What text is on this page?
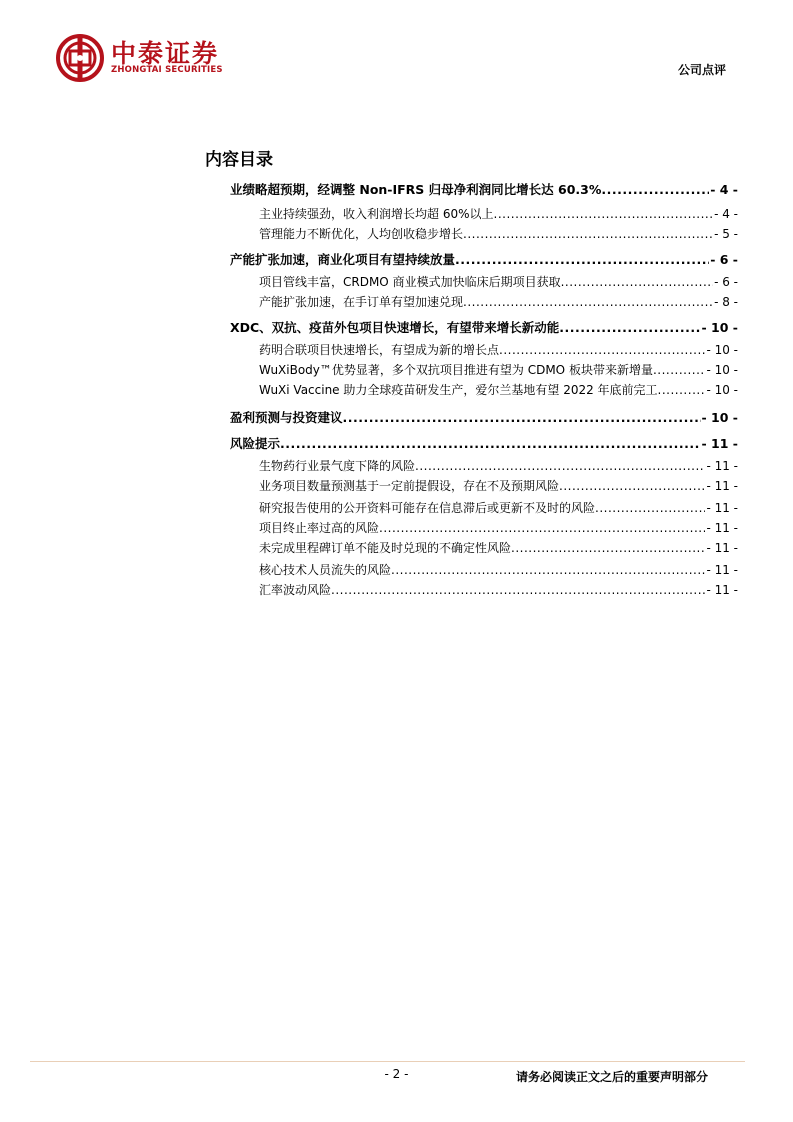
中泰证券
ZHONGTAI SECURITIES	公司点评
内容目录
业绩略超预期，经调整 Non-IFRS 归母净利润同比增长达 60.3% .....	- 4 -
主业持续强劲，收入利润增长均超 60%以上 .....	- 4 -
管理能力不断优化，人均创收稳步增长 .....	- 5 -
产能扩张加速，商业化项目有望持续放量 .....	- 6 -
项目管线丰富，CRDMO 商业模式加快临床后期项目获取 .....	- 6 -
产能扩张加速，在手订单有望加速兑现 .....	- 8 -
XDC、双抗、疫苗外包项目快速增长，有望带来增长新动能 .....	- 10 -
药明合联项目快速增长，有望成为新的增长点 .....	- 10 -
WuXiBody™优势显著，多个双抗项目推进有望为 CDMO 板块带来新增量 .....	- 10 -
WuXi Vaccine 助力全球疫苗研发生产，爱尔兰基地有望 2022 年底前完工 .....	- 10 -
盈利预测与投资建议 .....	- 10 -
风险提示 .....	- 11 -
生物药行业景气度下降的风险 .....	- 11 -
业务项目数量预测基于一定前提假设，存在不及预期风险 .....	- 11 -
研究报告使用的公开资料可能存在信息滞后或更新不及时的风险 .....	- 11 -
项目终止率过高的风险 .....	- 11 -
未完成里程碑订单不能及时兑现的不确定性风险 .....	- 11 -
核心技术人员流失的风险 .....	- 11 -
汇率波动风险 .....	- 11 -
- 2 -	请务必阅读正文之后的重要声明部分
